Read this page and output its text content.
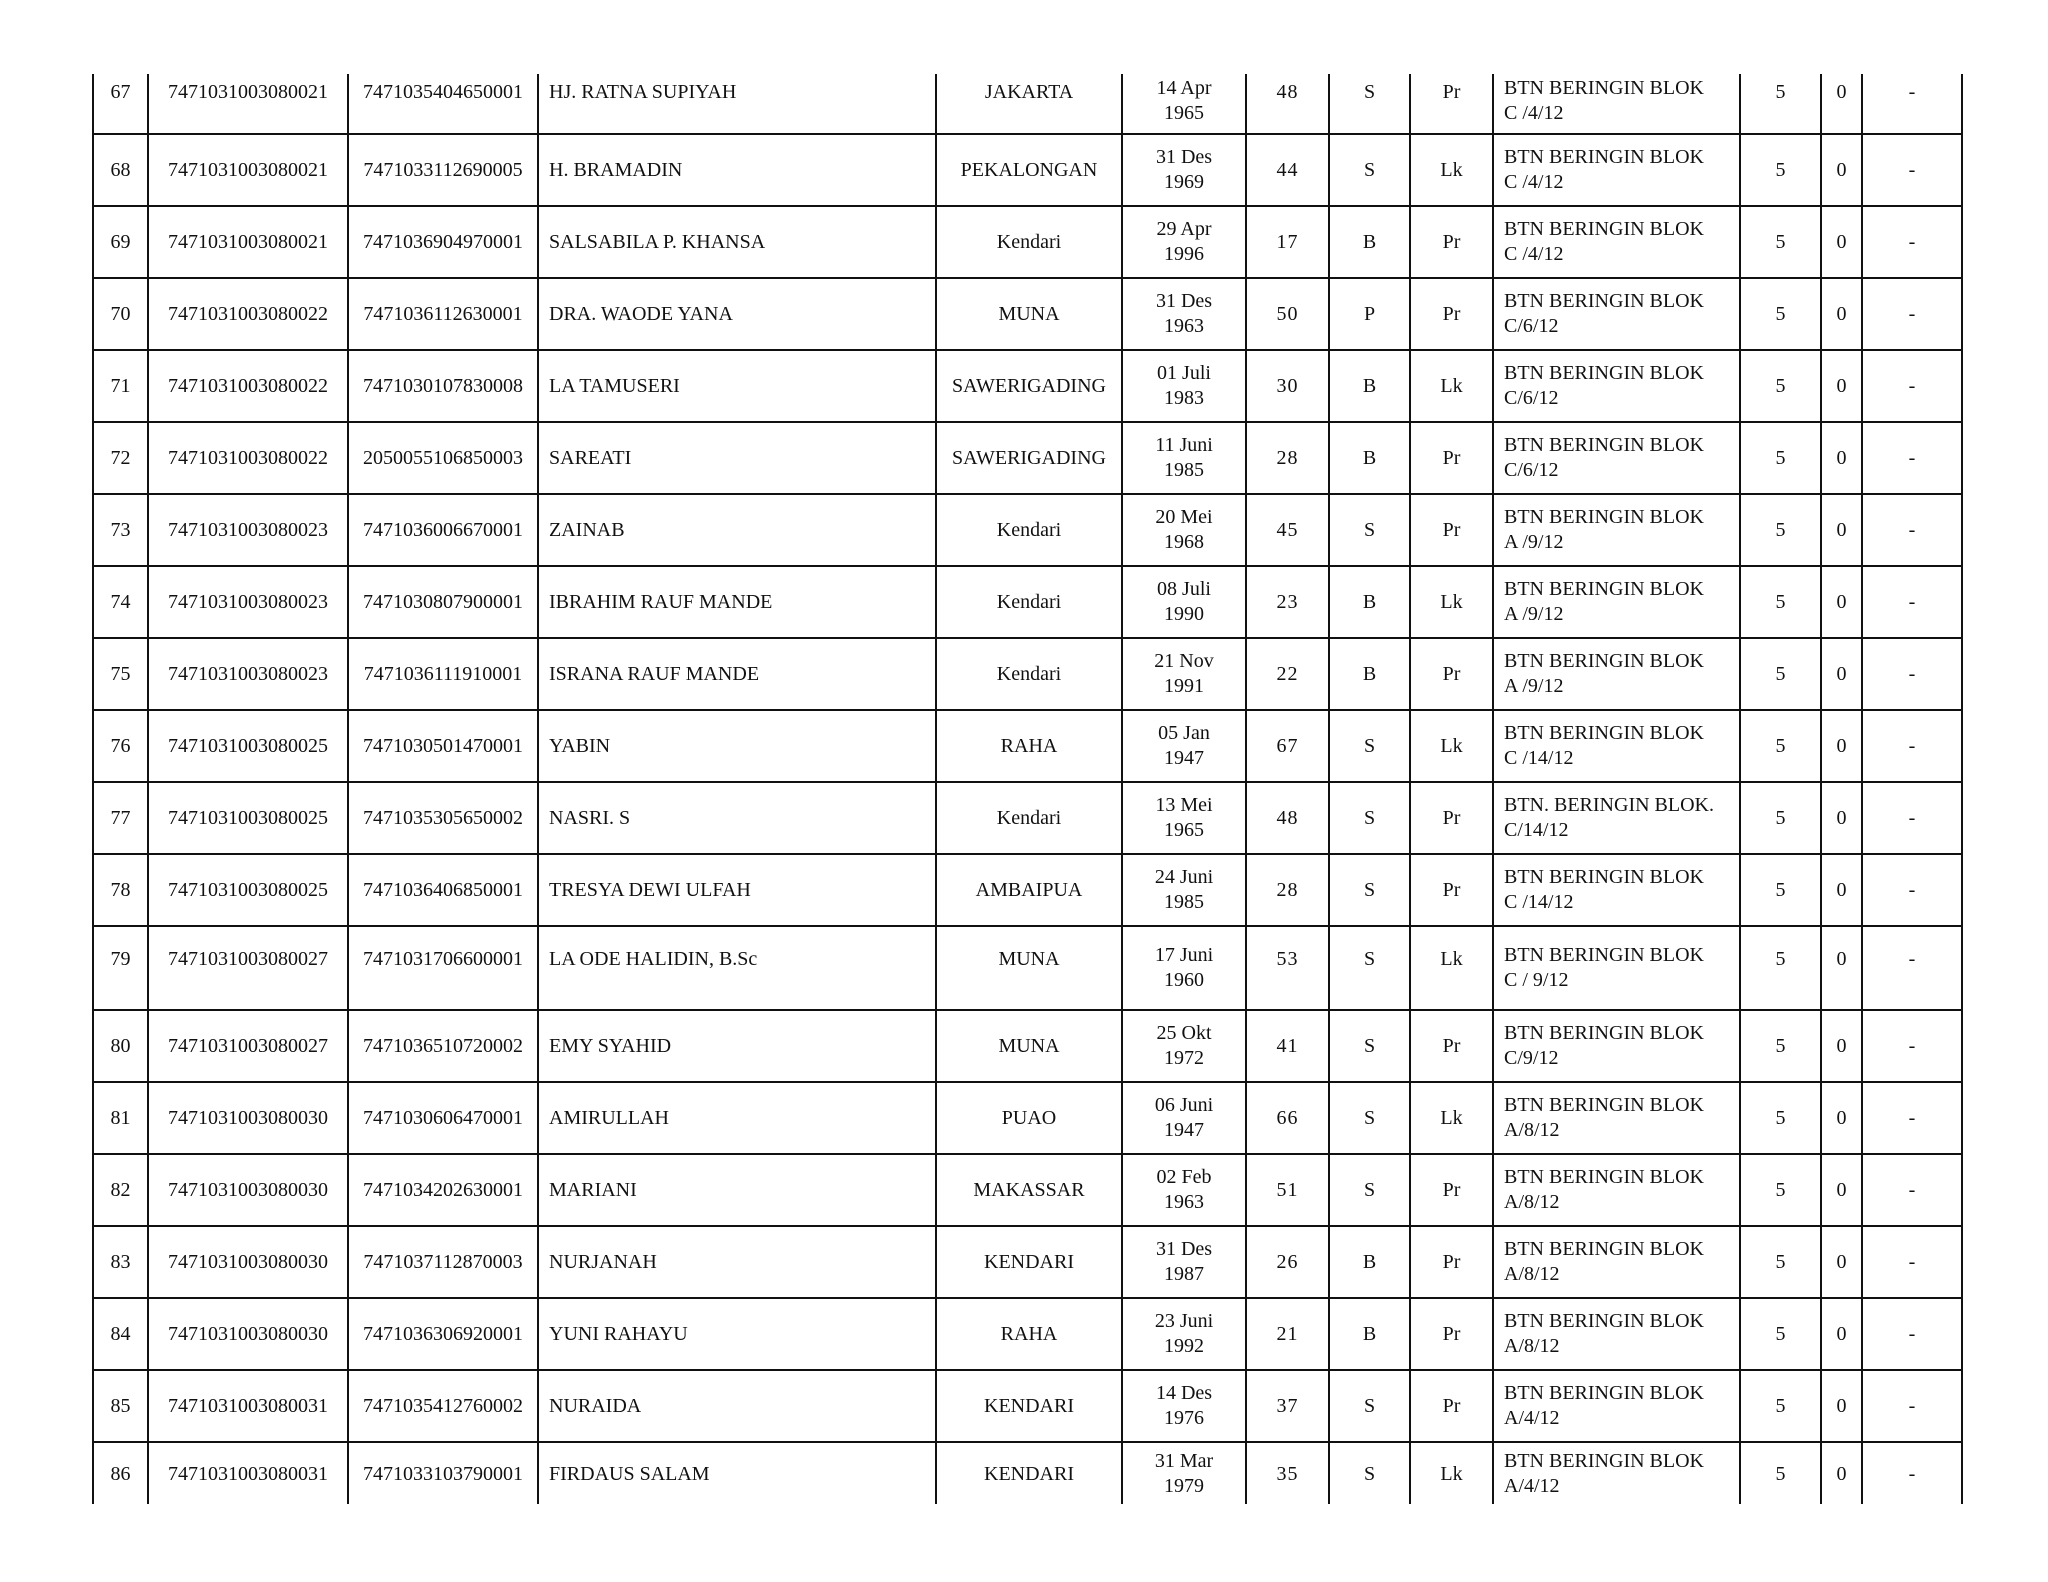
67	7471031003080021	7471035404650001	HJ. RATNA SUPIYAH	JAKARTA	14 Apr
1965	48	S	Pr	BTN BERINGIN BLOK
C /4/12	5	0	-
68	7471031003080021	7471033112690005	H. BRAMADIN	PEKALONGAN	31 Des
1969	44	S	Lk	BTN BERINGIN BLOK
C /4/12	5	0	-
69	7471031003080021	7471036904970001	SALSABILA P. KHANSA	Kendari	29 Apr
1996	17	B	Pr	BTN BERINGIN BLOK
C /4/12	5	0	-
70	7471031003080022	7471036112630001	DRA. WAODE YANA	MUNA	31 Des
1963	50	P	Pr	BTN BERINGIN BLOK
C/6/12	5	0	-
71	7471031003080022	7471030107830008	LA TAMUSERI	SAWERIGADING	01 Juli
1983	30	B	Lk	BTN BERINGIN BLOK
C/6/12	5	0	-
72	7471031003080022	2050055106850003	SAREATI	SAWERIGADING	11 Juni
1985	28	B	Pr	BTN BERINGIN BLOK
C/6/12	5	0	-
73	7471031003080023	7471036006670001	ZAINAB	Kendari	20 Mei
1968	45	S	Pr	BTN BERINGIN BLOK
A /9/12	5	0	-
74	7471031003080023	7471030807900001	IBRAHIM RAUF MANDE	Kendari	08 Juli
1990	23	B	Lk	BTN BERINGIN BLOK
A /9/12	5	0	-
75	7471031003080023	7471036111910001	ISRANA RAUF MANDE	Kendari	21 Nov
1991	22	B	Pr	BTN BERINGIN BLOK
A /9/12	5	0	-
76	7471031003080025	7471030501470001	YABIN	RAHA	05 Jan
1947	67	S	Lk	BTN BERINGIN BLOK
C /14/12	5	0	-
77	7471031003080025	7471035305650002	NASRI. S	Kendari	13 Mei
1965	48	S	Pr	BTN. BERINGIN BLOK.
C/14/12	5	0	-
78	7471031003080025	7471036406850001	TRESYA DEWI ULFAH	AMBAIPUA	24 Juni
1985	28	S	Pr	BTN BERINGIN BLOK
C /14/12	5	0	-
79	7471031003080027	7471031706600001	LA ODE HALIDIN, B.Sc	MUNA	17 Juni
1960	53	S	Lk	BTN BERINGIN BLOK
C / 9/12	5	0	-
80	7471031003080027	7471036510720002	EMY SYAHID	MUNA	25 Okt
1972	41	S	Pr	BTN BERINGIN BLOK
C/9/12	5	0	-
81	7471031003080030	7471030606470001	AMIRULLAH	PUAO	06 Juni
1947	66	S	Lk	BTN BERINGIN BLOK
A/8/12	5	0	-
82	7471031003080030	7471034202630001	MARIANI	MAKASSAR	02 Feb
1963	51	S	Pr	BTN BERINGIN BLOK
A/8/12	5	0	-
83	7471031003080030	7471037112870003	NURJANAH	KENDARI	31 Des
1987	26	B	Pr	BTN BERINGIN BLOK
A/8/12	5	0	-
84	7471031003080030	7471036306920001	YUNI RAHAYU	RAHA	23 Juni
1992	21	B	Pr	BTN BERINGIN BLOK
A/8/12	5	0	-
85	7471031003080031	7471035412760002	NURAIDA	KENDARI	14 Des
1976	37	S	Pr	BTN BERINGIN BLOK
A/4/12	5	0	-
86	7471031003080031	7471033103790001	FIRDAUS SALAM	KENDARI	31 Mar
1979	35	S	Lk	BTN BERINGIN BLOK
A/4/12	5	0	-
